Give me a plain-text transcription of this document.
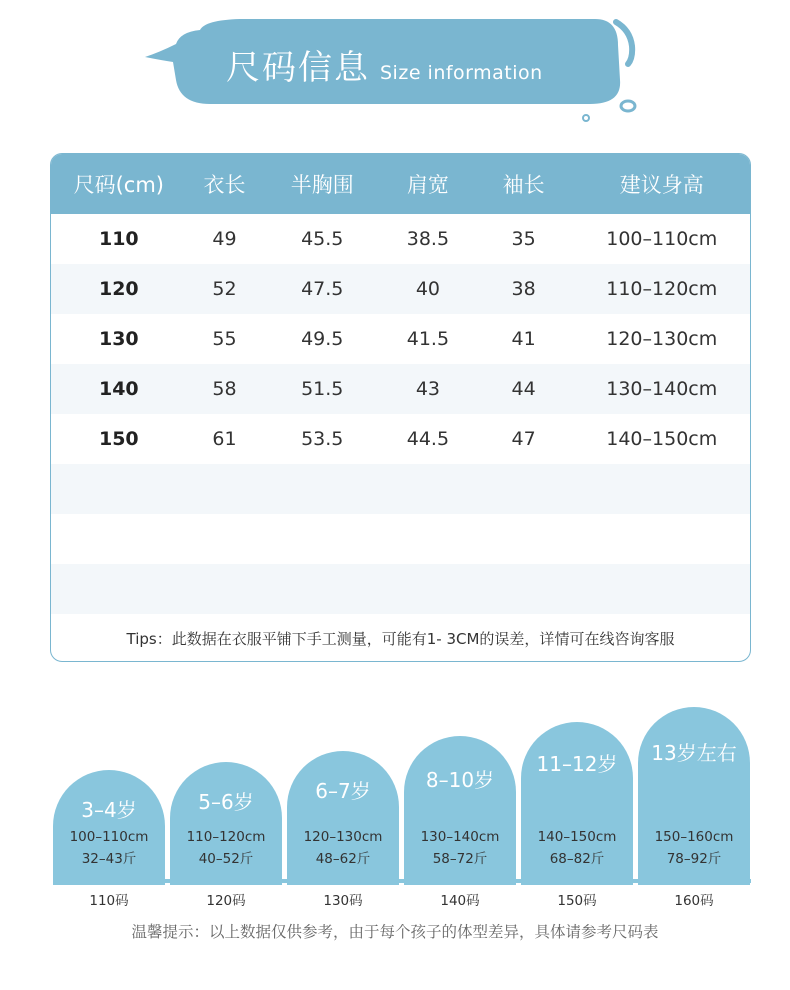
尺码信息 Size information
尺码(cm)	衣长	半胸围	肩宽	袖长	建议身高
110	49	45.5	38.5	35	100–110cm
120	52	47.5	40	38	110–120cm
130	55	49.5	41.5	41	120–130cm
140	58	51.5	43	44	130–140cm
150	61	53.5	44.5	47	140–150cm
Tips：此数据在衣服平铺下手工测量，可能有1- 3CM的误差，详情可在线咨询客服
3–4岁
100–110cm
32–43斤
5–6岁
110–120cm
40–52斤
6–7岁
120–130cm
48–62斤
8–10岁
130–140cm
58–72斤
11–12岁
140–150cm
68–82斤
13岁左右
150–160cm
78–92斤
110码	120码	130码	140码	150码	160码
温馨提示：以上数据仅供参考，由于每个孩子的体型差异，具体请参考尺码表
